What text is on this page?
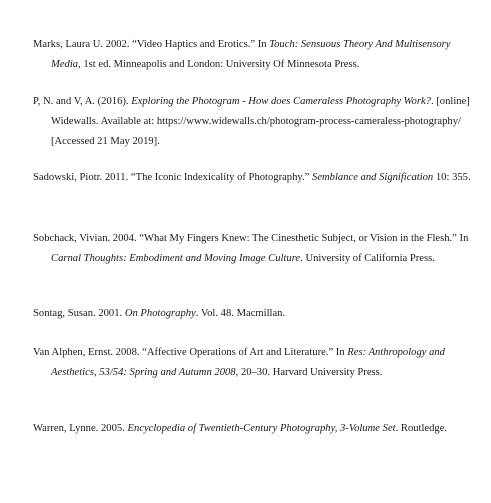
Marks, Laura U. 2002. “Video Haptics and Erotics.” In Touch: Sensuous Theory And Multisensory Media, 1st ed. Minneapolis and London: University Of Minnesota Press.

P, N. and V, A. (2016). Exploring the Photogram - How does Cameraless Photography Work?. [online] Widewalls. Available at: https://www.widewalls.ch/photogram-process-cameraless-photography/ [Accessed 21 May 2019].

Sadowski, Piotr. 2011. “The Iconic Indexicality of Photography.” Semblance and Signification 10: 355.

Sobchack, Vivian. 2004. “What My Fingers Knew: The Cinesthetic Subject, or Vision in the Flesh.” In Carnal Thoughts: Embodiment and Moving Image Culture. University of California Press.

Sontag, Susan. 2001. On Photography. Vol. 48. Macmillan.

Van Alphen, Ernst. 2008. “Affective Operations of Art and Literature.” In Res: Anthropology and Aesthetics, 53/54: Spring and Autumn 2008, 20–30. Harvard University Press.

Warren, Lynne. 2005. Encyclopedia of Twentieth-Century Photography, 3-Volume Set. Routledge.
